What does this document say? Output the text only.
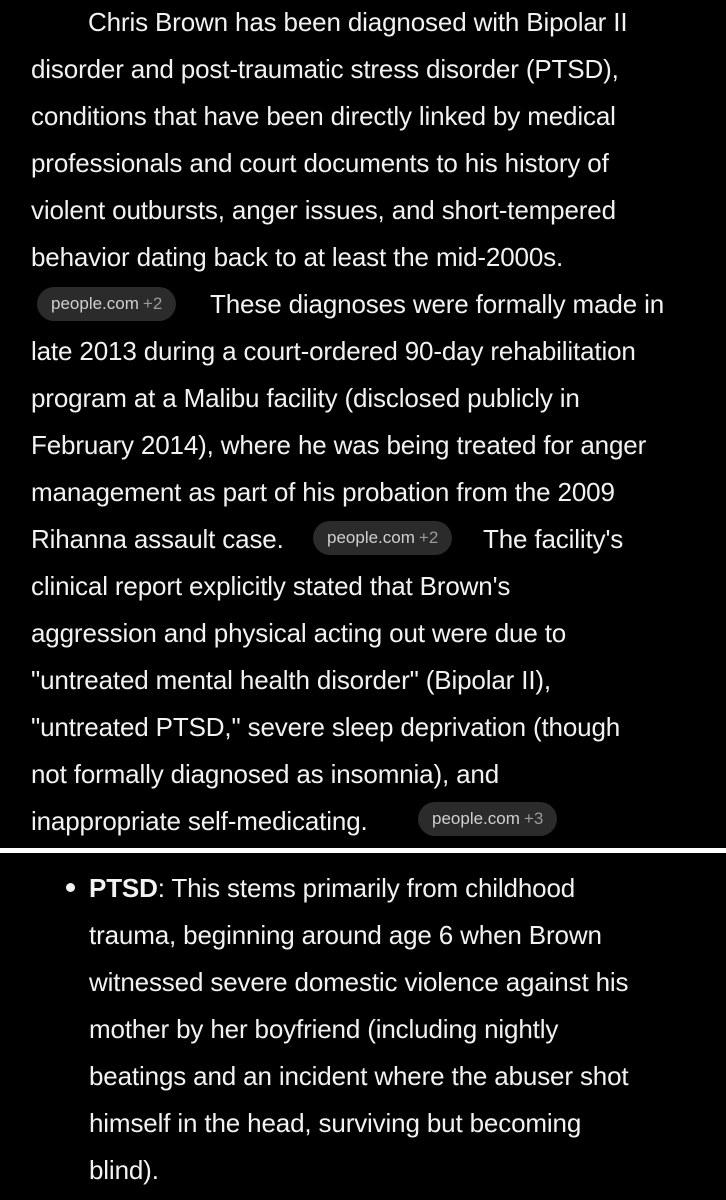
Chris Brown has been diagnosed with Bipolar II
disorder and post-traumatic stress disorder (PTSD),
conditions that have been directly linked by medical
professionals and court documents to his history of
violent outbursts, anger issues, and short-tempered
behavior dating back to at least the mid-2000s.
people.com +2	These diagnoses were formally made in
late 2013 during a court-ordered 90-day rehabilitation
program at a Malibu facility (disclosed publicly in
February 2014), where he was being treated for anger
management as part of his probation from the 2009
Rihanna assault case.	people.com +2	The facility's
clinical report explicitly stated that Brown's
aggression and physical acting out were due to
"untreated mental health disorder" (Bipolar II),
"untreated PTSD," severe sleep deprivation (though
not formally diagnosed as insomnia), and
inappropriate self-medicating.	people.com +3
PTSD: This stems primarily from childhood
trauma, beginning around age 6 when Brown
witnessed severe domestic violence against his
mother by her boyfriend (including nightly
beatings and an incident where the abuser shot
himself in the head, surviving but becoming
blind).
